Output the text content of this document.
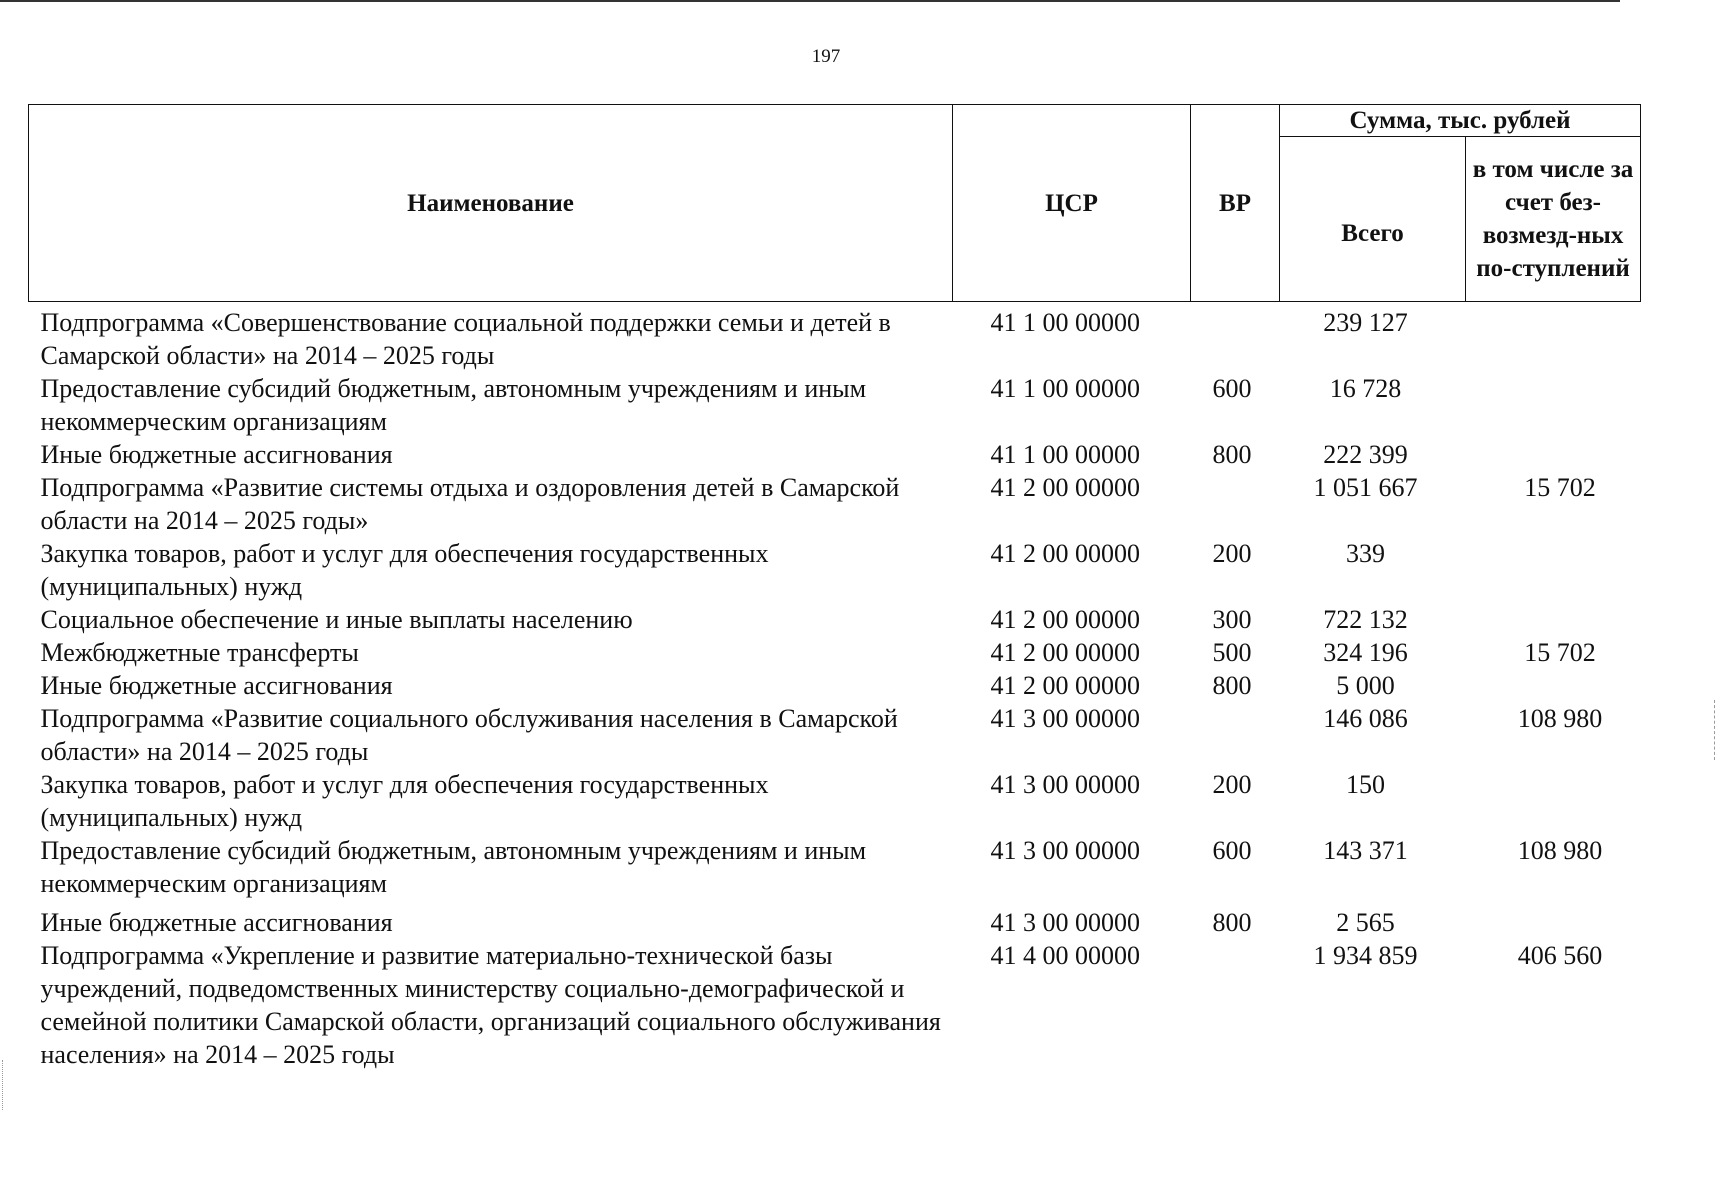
197
Наименование	ЦСР	ВР	Сумма, тыс. рублей	
			Всего	в том числе за счет без-возмезд-ных по-ступлений
Подпрограмма «Совершенствование социальной поддержки семьи и детей в Самарской области» на 2014 – 2025 годы	41 1 00 00000		239 127	
Предоставление субсидий бюджетным, автономным учреждениям и иным некоммерческим организациям	41 1 00 00000	600	16 728	
Иные бюджетные ассигнования	41 1 00 00000	800	222 399	
Подпрограмма «Развитие системы отдыха и оздоровления детей в Самарской области на 2014 – 2025 годы»	41 2 00 00000		1 051 667	15 702
Закупка товаров, работ и услуг для обеспечения государственных (муниципальных) нужд	41 2 00 00000	200	339	
Социальное обеспечение и иные выплаты населению	41 2 00 00000	300	722 132	
Межбюджетные трансферты	41 2 00 00000	500	324 196	15 702
Иные бюджетные ассигнования	41 2 00 00000	800	5 000	
Подпрограмма «Развитие социального обслуживания населения в Самарской области» на 2014 – 2025 годы	41 3 00 00000		146 086	108 980
Закупка товаров, работ и услуг для обеспечения государственных (муниципальных) нужд	41 3 00 00000	200	150	
Предоставление субсидий бюджетным, автономным учреждениям и иным некоммерческим организациям	41 3 00 00000	600	143 371	108 980
Иные бюджетные ассигнования	41 3 00 00000	800	2 565	
Подпрограмма «Укрепление и развитие материально-технической базы учреждений, подведомственных министерству социально-демографической и семейной политики Самарской области, организаций социального обслуживания населения» на 2014 – 2025 годы	41 4 00 00000		1 934 859	406 560
